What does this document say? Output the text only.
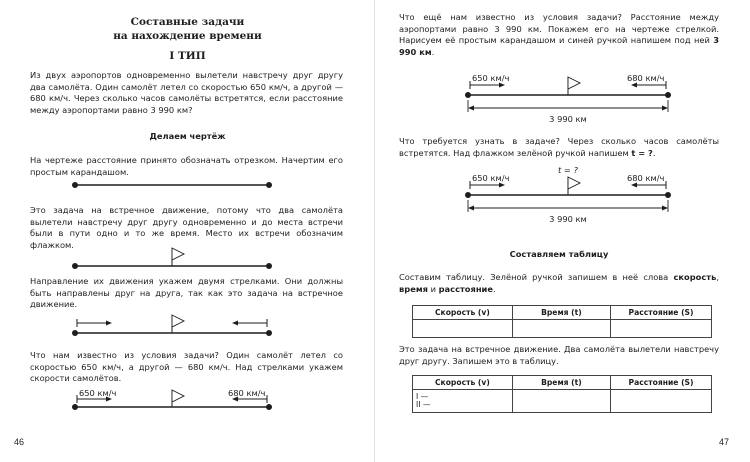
Составные задачи
на нахождение времени
I ТИП

Из двух аэропортов одновременно вылетели навстречу друг другу два самолёта. Один самолёт летел со скоростью 650 км/ч, а другой — 680 км/ч. Через сколько часов самолёты встретятся, если расстояние между аэропортами равно 3 990 км?

Делаем чертёж

На чертеже расстояние принято обозначать отрезком. Начертим его простым карандашом.

Это задача на встречное движение, потому что два самолёта вылетели навстречу друг другу одновременно и до места встречи были в пути одно и то же время. Место их встречи обозначим флажком.

Направление их движения укажем двумя стрелками. Они должны быть направлены друг на друга, так как это задача на встречное движение.

Что нам известно из условия задачи? Один самолёт летел со скоростью 650 км/ч, а другой — 680 км/ч. Над стрелками укажем скорости самолётов.

650 км/ч	680 км/ч
46

Что ещё нам известно из условия задачи? Расстояние между аэропортами равно 3 990 км. Покажем его на чертеже стрелкой. Нарисуем её простым карандашом и синей ручкой напишем под ней 3 990 км.

650 км/ч	680 км/ч
3 990 км

Что требуется узнать в задаче? Через сколько часов самолёты встретятся. Над флажком зелёной ручкой напишем t = ?.

t = ?
650 км/ч	680 км/ч
3 990 км
Составляем таблицу

Составим таблицу. Зелёной ручкой запишем в неё слова скорость, время и расстояние.

Скорость (v)	Время (t)	Расстояние (S)

Это задача на встречное движение. Два самолёта вылетели навстречу друг другу. Запишем это в таблицу.

Скорость (v)	Время (t)	Расстояние (S)

I —
II —		

47
